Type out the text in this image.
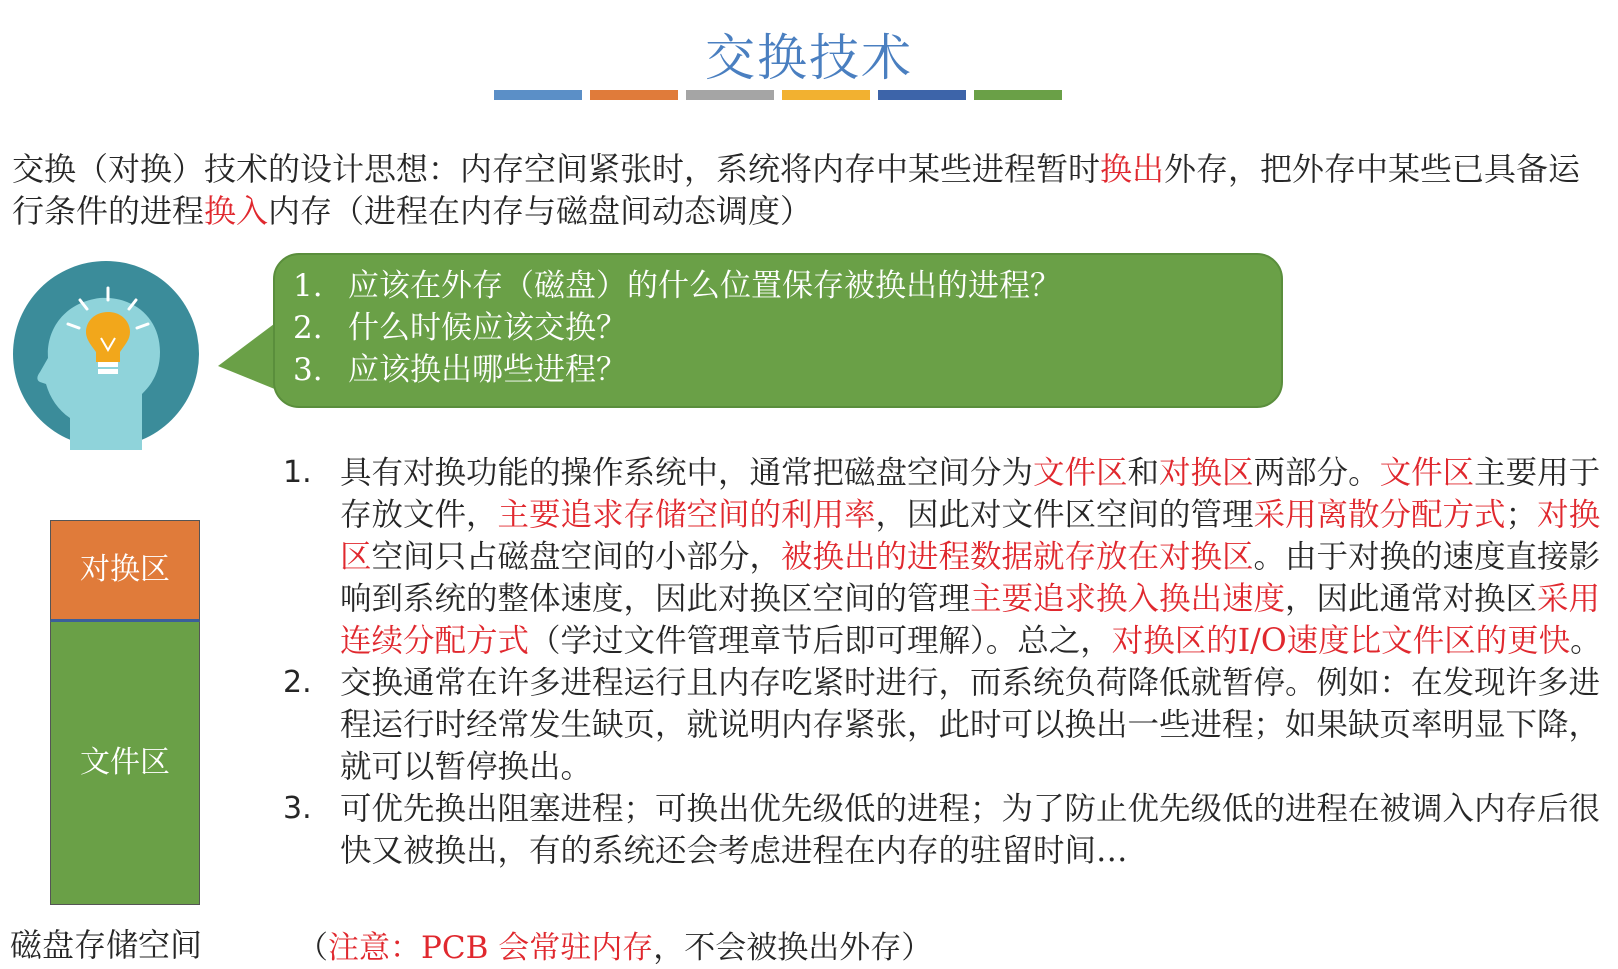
交换技术
交换（对换）技术的设计思想：内存空间紧张时，系统将内存中某些进程暂时换出外存，把外存中某些已具备运行条件的进程换入内存（进程在内存与磁盘间动态调度）
1. 应该在外存（磁盘）的什么位置保存被换出的进程？
2. 什么时候应该交换？
3. 应该换出哪些进程？
对换区
文件区
磁盘存储空间
1. 具有对换功能的操作系统中，通常把磁盘空间分为文件区和对换区两部分。文件区主要用于存放文件，主要追求存储空间的利用率，因此对文件区空间的管理采用离散分配方式；对换区空间只占磁盘空间的小部分，被换出的进程数据就存放在对换区。由于对换的速度直接影响到系统的整体速度，因此对换区空间的管理主要追求换入换出速度，因此通常对换区采用连续分配方式（学过文件管理章节后即可理解）。总之，对换区的I/O速度比文件区的更快。
2. 交换通常在许多进程运行且内存吃紧时进行，而系统负荷降低就暂停。例如：在发现许多进程运行时经常发生缺页，就说明内存紧张，此时可以换出一些进程；如果缺页率明显下降，就可以暂停换出。
3. 可优先换出阻塞进程；可换出优先级低的进程；为了防止优先级低的进程在被调入内存后很快又被换出，有的系统还会考虑进程在内存的驻留时间…
（注意：PCB 会常驻内存，不会被换出外存）
